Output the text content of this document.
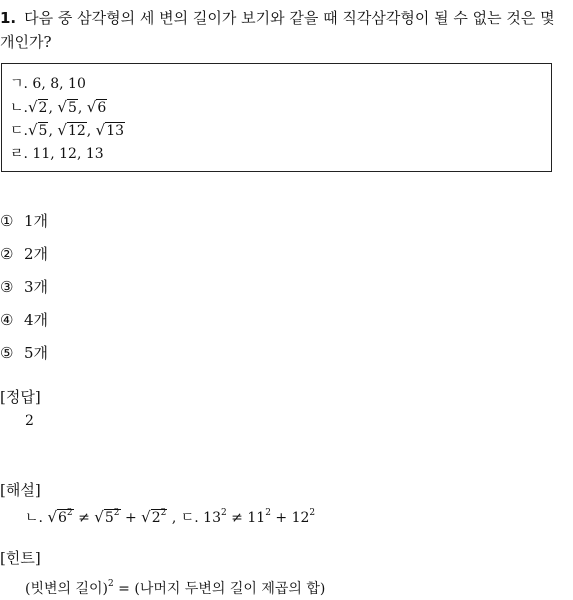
1. 다음 중 삼각형의 세 변의 길이가 보기와 같을 때 직각삼각형이 될 수 없는 것은 몇 개인가?
ㄱ. 6, 8, 10
ㄴ.√2, √5, √6
ㄷ.√5, √12, √13
ㄹ. 11, 12, 13
① 1개
② 2개
③ 3개
④ 4개
⑤ 5개
[정답]
2
[해설]
ㄴ. $√6^2 \ne √5^2 + √2^2$ , ㄷ. $13^2 \ne 11^2 + 12^2$
[힌트]
(빗변의 길이)$^2$ = (나머지 두변의 길이 제곱의 합)
